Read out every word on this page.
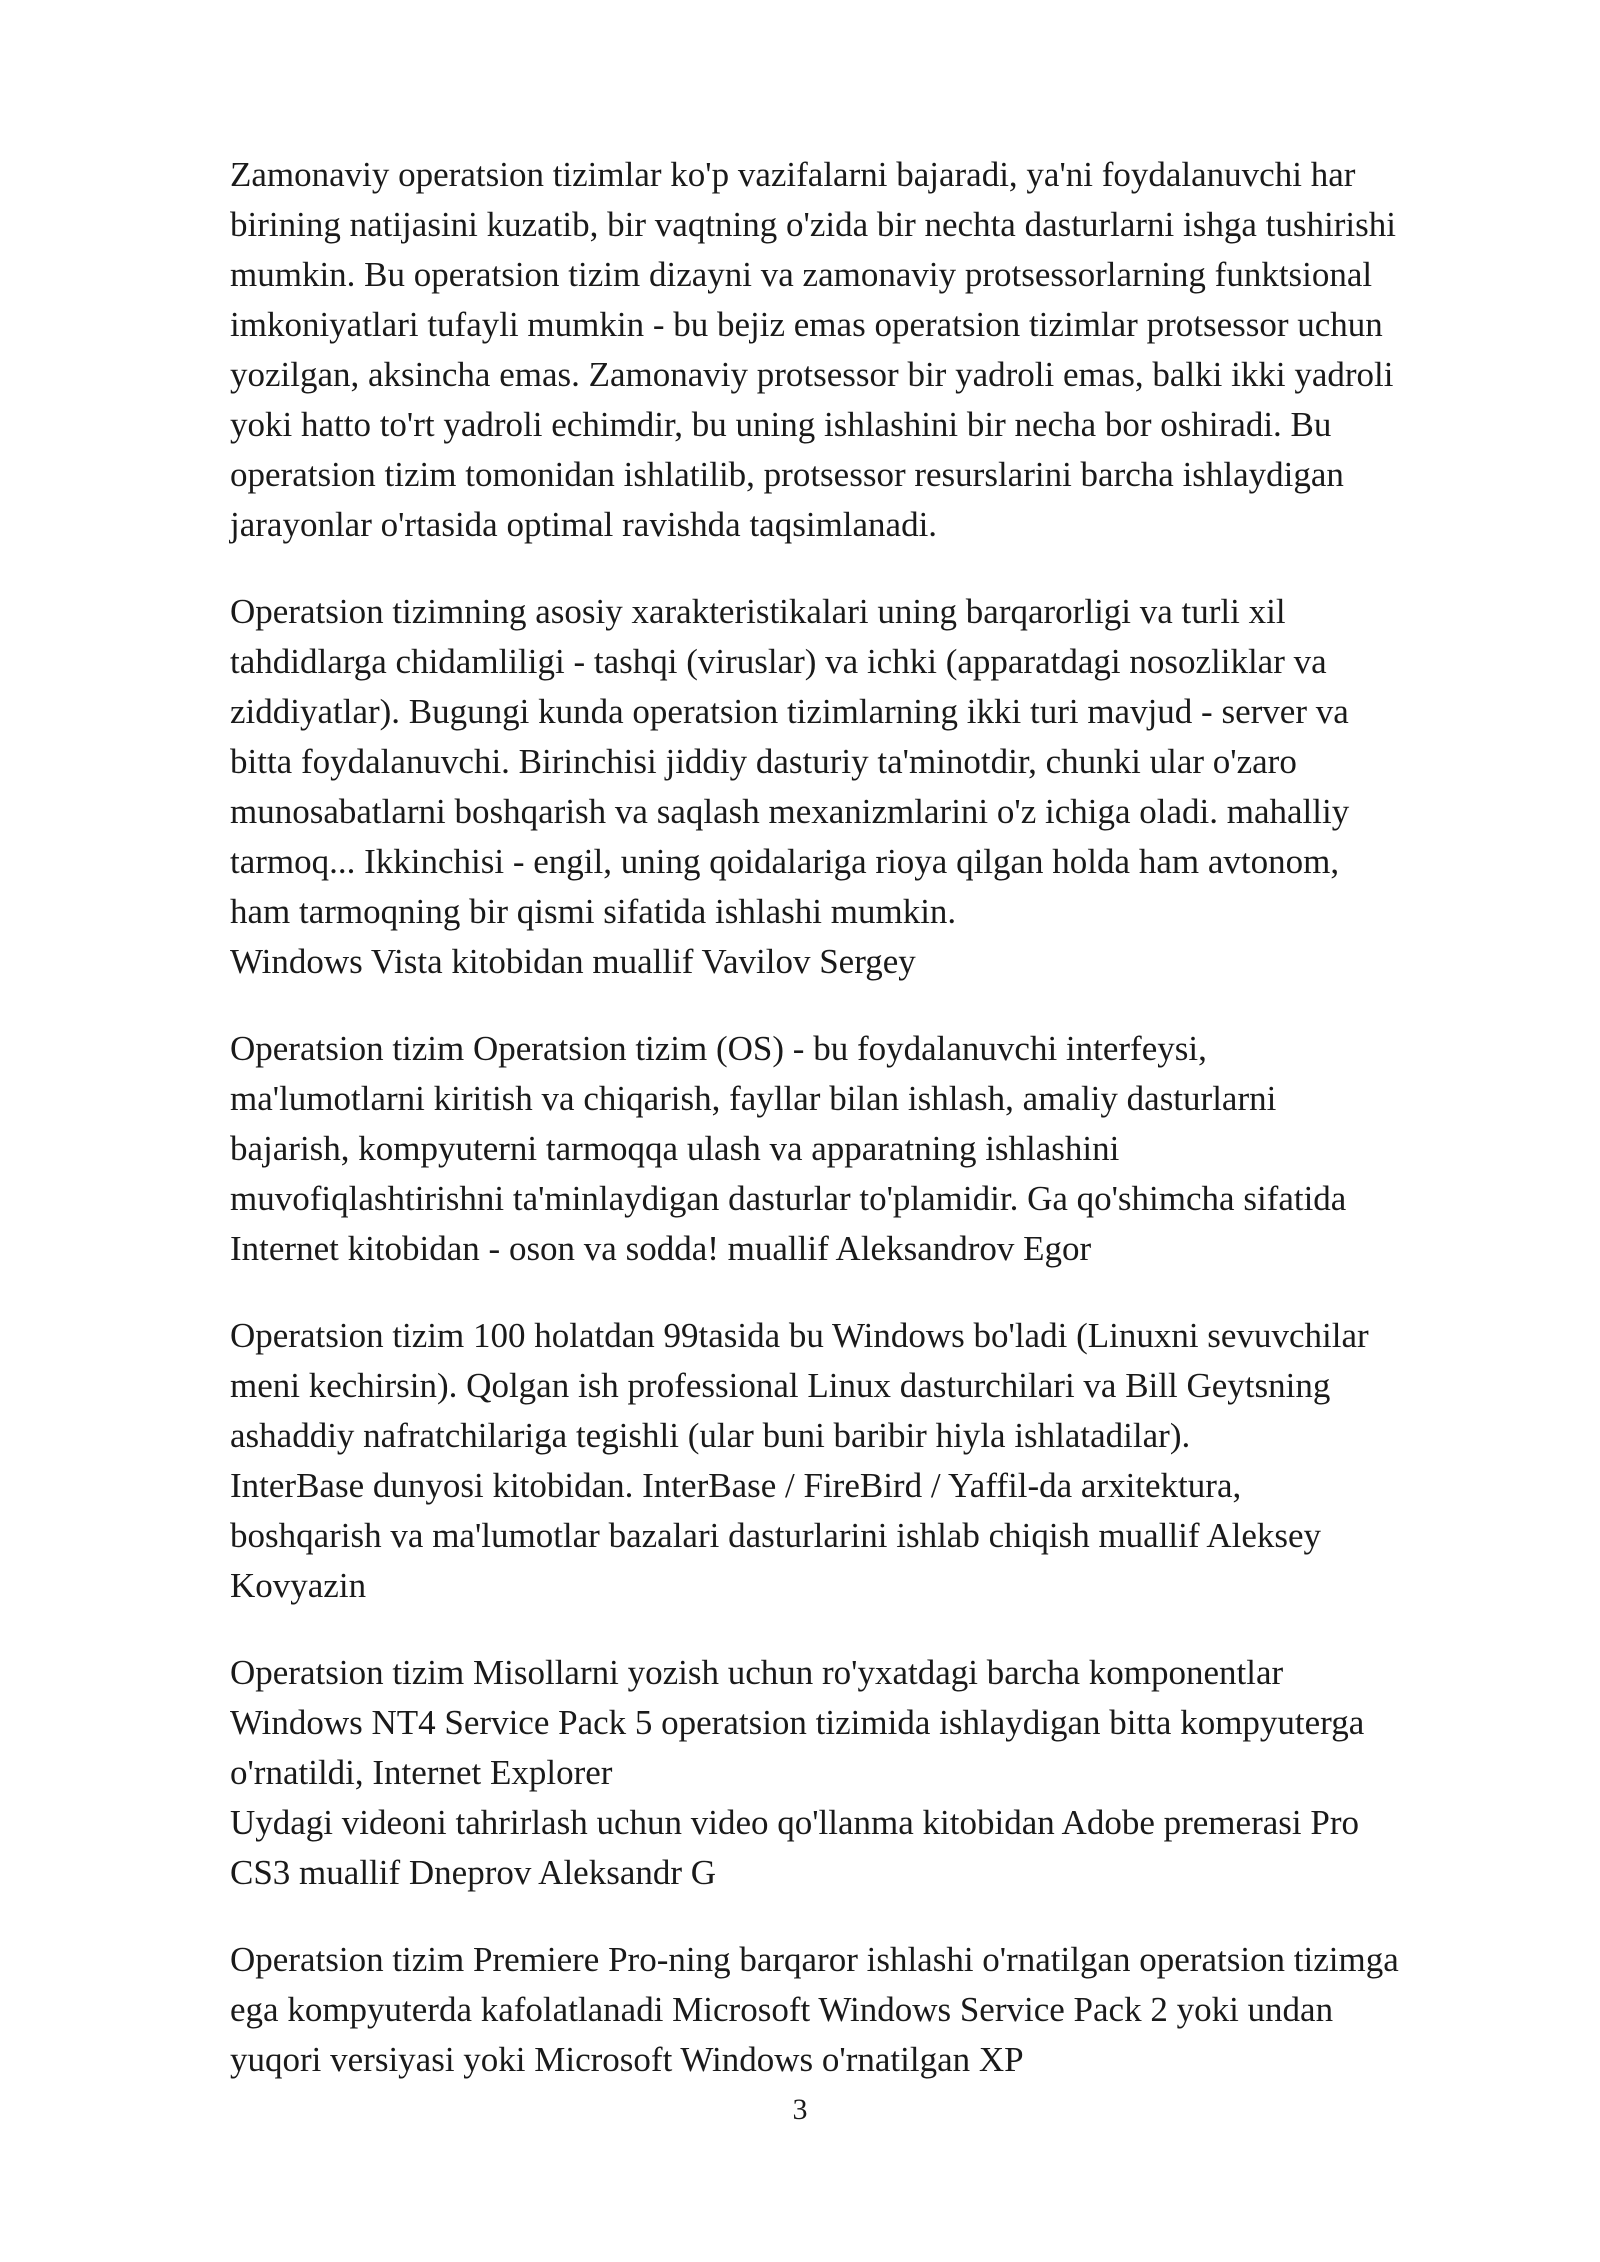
Zamonaviy operatsion tizimlar ko'p vazifalarni bajaradi, ya'ni foydalanuvchi har
birining natijasini kuzatib, bir vaqtning o'zida bir nechta dasturlarni ishga tushirishi
mumkin. Bu operatsion tizim dizayni va zamonaviy protsessorlarning funktsional
imkoniyatlari tufayli mumkin - bu bejiz emas operatsion tizimlar protsessor uchun
yozilgan, aksincha emas. Zamonaviy protsessor bir yadroli emas, balki ikki yadroli
yoki hatto to'rt yadroli echimdir, bu uning ishlashini bir necha bor oshiradi. Bu
operatsion tizim tomonidan ishlatilib, protsessor resurslarini barcha ishlaydigan
jarayonlar o'rtasida optimal ravishda taqsimlanadi.

Operatsion tizimning asosiy xarakteristikalari uning barqarorligi va turli xil
tahdidlarga chidamliligi - tashqi (viruslar) va ichki (apparatdagi nosozliklar va
ziddiyatlar). Bugungi kunda operatsion tizimlarning ikki turi mavjud - server va
bitta foydalanuvchi. Birinchisi jiddiy dasturiy ta'minotdir, chunki ular o'zaro
munosabatlarni boshqarish va saqlash mexanizmlarini o'z ichiga oladi. mahalliy
tarmoq... Ikkinchisi - engil, uning qoidalariga rioya qilgan holda ham avtonom,
ham tarmoqning bir qismi sifatida ishlashi mumkin.
Windows Vista kitobidan muallif Vavilov Sergey

Operatsion tizim Operatsion tizim (OS) - bu foydalanuvchi interfeysi,
ma'lumotlarni kiritish va chiqarish, fayllar bilan ishlash, amaliy dasturlarni
bajarish, kompyuterni tarmoqqa ulash va apparatning ishlashini
muvofiqlashtirishni ta'minlaydigan dasturlar to'plamidir. Ga qo'shimcha sifatida
Internet kitobidan - oson va sodda! muallif Aleksandrov Egor

Operatsion tizim 100 holatdan 99tasida bu Windows bo'ladi (Linuxni sevuvchilar
meni kechirsin). Qolgan ish professional Linux dasturchilari va Bill Geytsning
ashaddiy nafratchilariga tegishli (ular buni baribir hiyla ishlatadilar).
InterBase dunyosi kitobidan. InterBase / FireBird / Yaffil-da arxitektura,
boshqarish va ma'lumotlar bazalari dasturlarini ishlab chiqish muallif Aleksey
Kovyazin

Operatsion tizim Misollarni yozish uchun ro'yxatdagi barcha komponentlar
Windows NT4 Service Pack 5 operatsion tizimida ishlaydigan bitta kompyuterga
o'rnatildi, Internet Explorer
Uydagi videoni tahrirlash uchun video qo'llanma kitobidan Adobe premerasi Pro
CS3 muallif Dneprov Aleksandr G

Operatsion tizim Premiere Pro-ning barqaror ishlashi o'rnatilgan operatsion tizimga
ega kompyuterda kafolatlanadi Microsoft Windows Service Pack 2 yoki undan
yuqori versiyasi yoki Microsoft Windows o'rnatilgan XP

3
